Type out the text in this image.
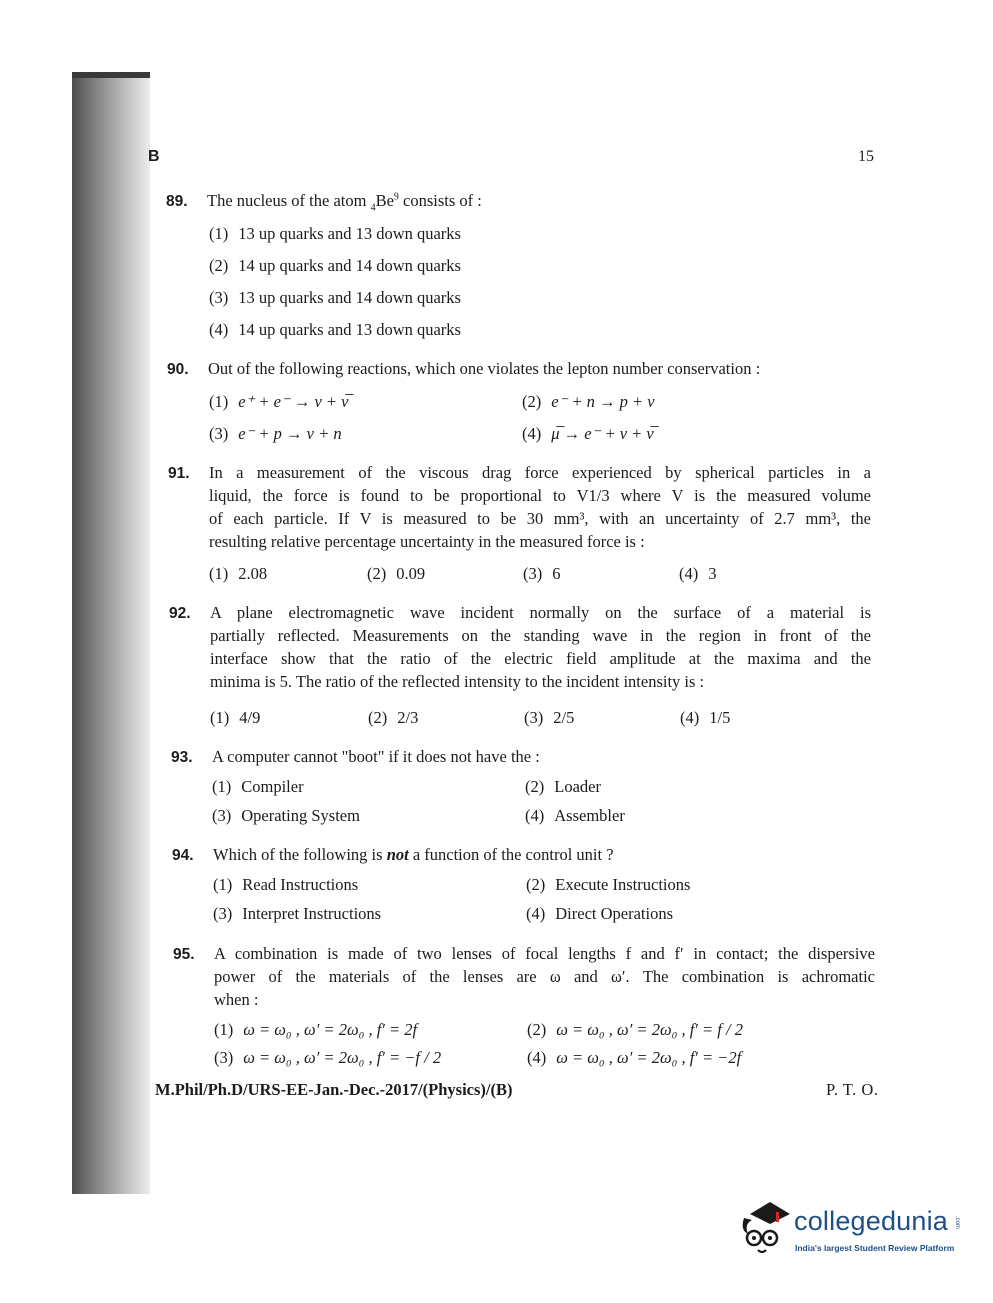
B	15
89. The nucleus of the atom $_4Be^9$ consists of :
(1) 13 up quarks and 13 down quarks
(2) 14 up quarks and 14 down quarks
(3) 13 up quarks and 14 down quarks
(4) 14 up quarks and 13 down quarks
90. Out of the following reactions, which one violates the lepton number conservation :
(1) e⁺ + e⁻ → ν + ν̅	(2) e⁻ + n → p + ν
(3) e⁻ + p → ν + n	(4) μ̅ → e⁻ + ν + ν̅
91. In a measurement of the viscous drag force experienced by spherical particles in a
liquid, the force is found to be proportional to V1/3 where V is the measured volume
of each particle. If V is measured to be 30 mm³, with an uncertainty of 2.7 mm³, the
resulting relative percentage uncertainty in the measured force is :
(1) 2.08	(2) 0.09	(3) 6	(4) 3
92. A plane electromagnetic wave incident normally on the surface of a material is
partially reflected. Measurements on the standing wave in the region in front of the
interface show that the ratio of the electric field amplitude at the maxima and the
minima is 5. The ratio of the reflected intensity to the incident intensity is :
(1) 4/9	(2) 2/3	(3) 2/5	(4) 1/5
93. A computer cannot "boot" if it does not have the :
(1) Compiler	(2) Loader
(3) Operating System	(4) Assembler
94. Which of the following is not a function of the control unit ?
(1) Read Instructions	(2) Execute Instructions
(3) Interpret Instructions	(4) Direct Operations
95. A combination is made of two lenses of focal lengths f and f′ in contact; the dispersive
power of the materials of the lenses are ω and ω′. The combination is achromatic
when :
(1) ω = ω₀ , ω′ = 2ω₀ , f′ = 2f	(2) ω = ω₀ , ω′ = 2ω₀ , f′ = f / 2
(3) ω = ω₀ , ω′ = 2ω₀ , f′ = −f / 2	(4) ω = ω₀ , ω′ = 2ω₀ , f′ = −2f
M.Phil/Ph.D/URS-EE-Jan.-Dec.-2017/(Physics)/(B)	P. T. O.
collegedunia .com
India's largest Student Review Platform
